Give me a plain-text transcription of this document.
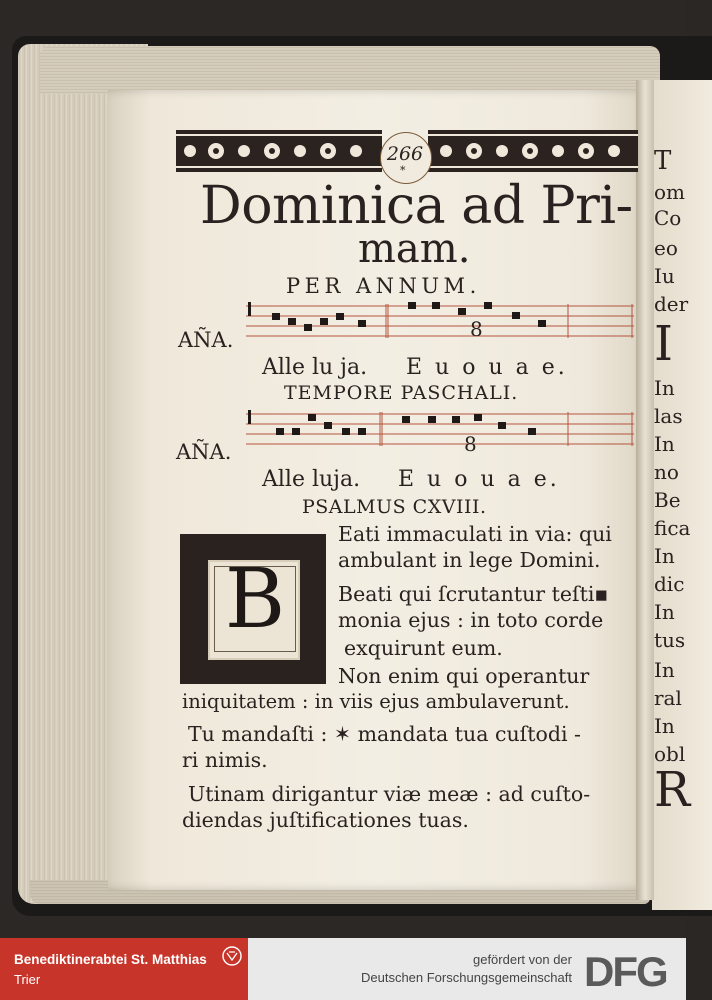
266
*
Dominica ad Pri-
mam.
PER ANNUM.
AÑA.	8
Alle lu ja. E u o u a e.
TEMPORE PASCHALI.
AÑA.	8
Alle luja. E u o u a e.
PSALMUS CXVIII.
B
Eati immaculati in via: qui
ambulant in lege Domini.
Beati qui ſcrutantur teſti▪
monia ejus : in toto corde
exquirunt eum.
Non enim qui operantur
iniquitatem : in viis ejus ambulaverunt.
Tu mandaſti : ✶ mandata tua cuſtodi -
ri nimis.
Utinam dirigantur viæ meæ : ad cuſto-
diendas juſtificationes tuas.
T
om
Co
eo
Iu
der
I
In
las
In
no
Be
fica
In
dic
In
tus
In
ral
In
obl
R
Benediktinerabtei St. Matthias
Trier
gefördert von der
Deutschen Forschungsgemeinschaft DFG
